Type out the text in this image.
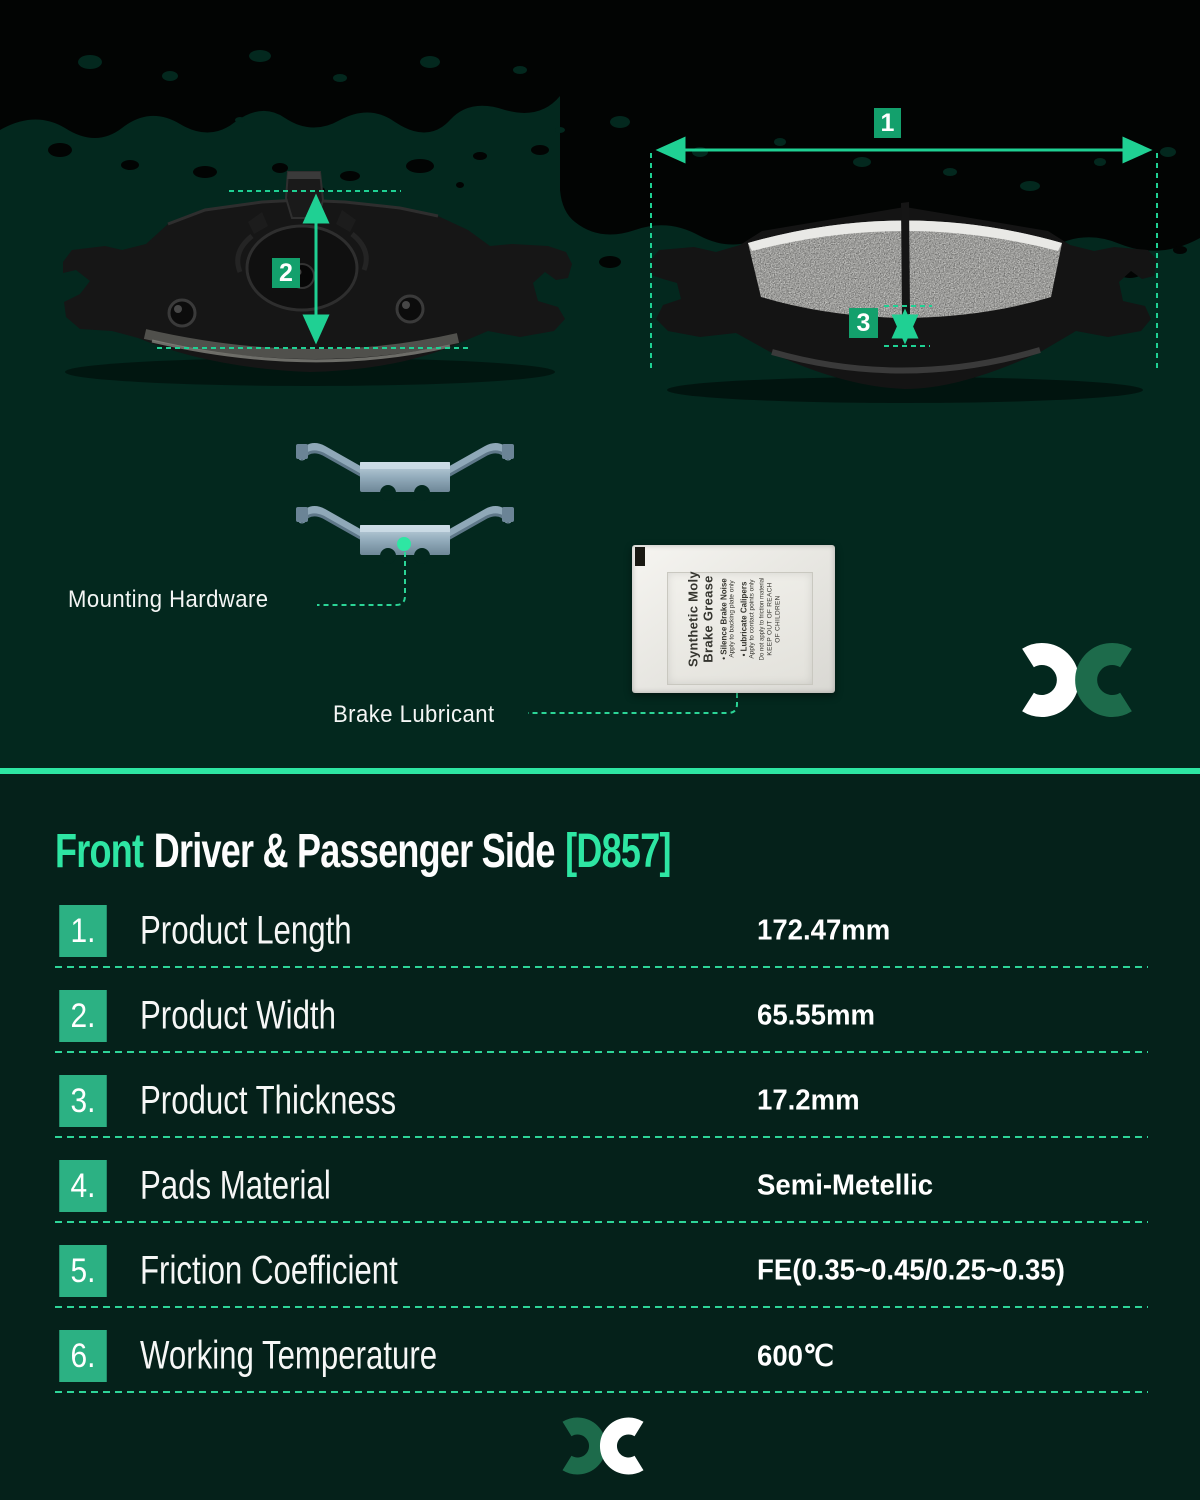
1
2
3
Mounting Hardware
Brake Lubricant
Synthetic Moly Brake Grease • Silence Brake Noise Apply to backing plate only • Lubricate Calipers Apply to contact points only Do not apply to friction material KEEP OUT OF REACH OF CHILDREN
Front Driver & Passenger Side [D857]
1. Product Length	172.47mm
2. Product Width	65.55mm
3. Product Thickness	17.2mm
4. Pads Material	Semi-Metellic
5. Friction Coefficient	FE(0.35~0.45/0.25~0.35)
6. Working Temperature	600℃
